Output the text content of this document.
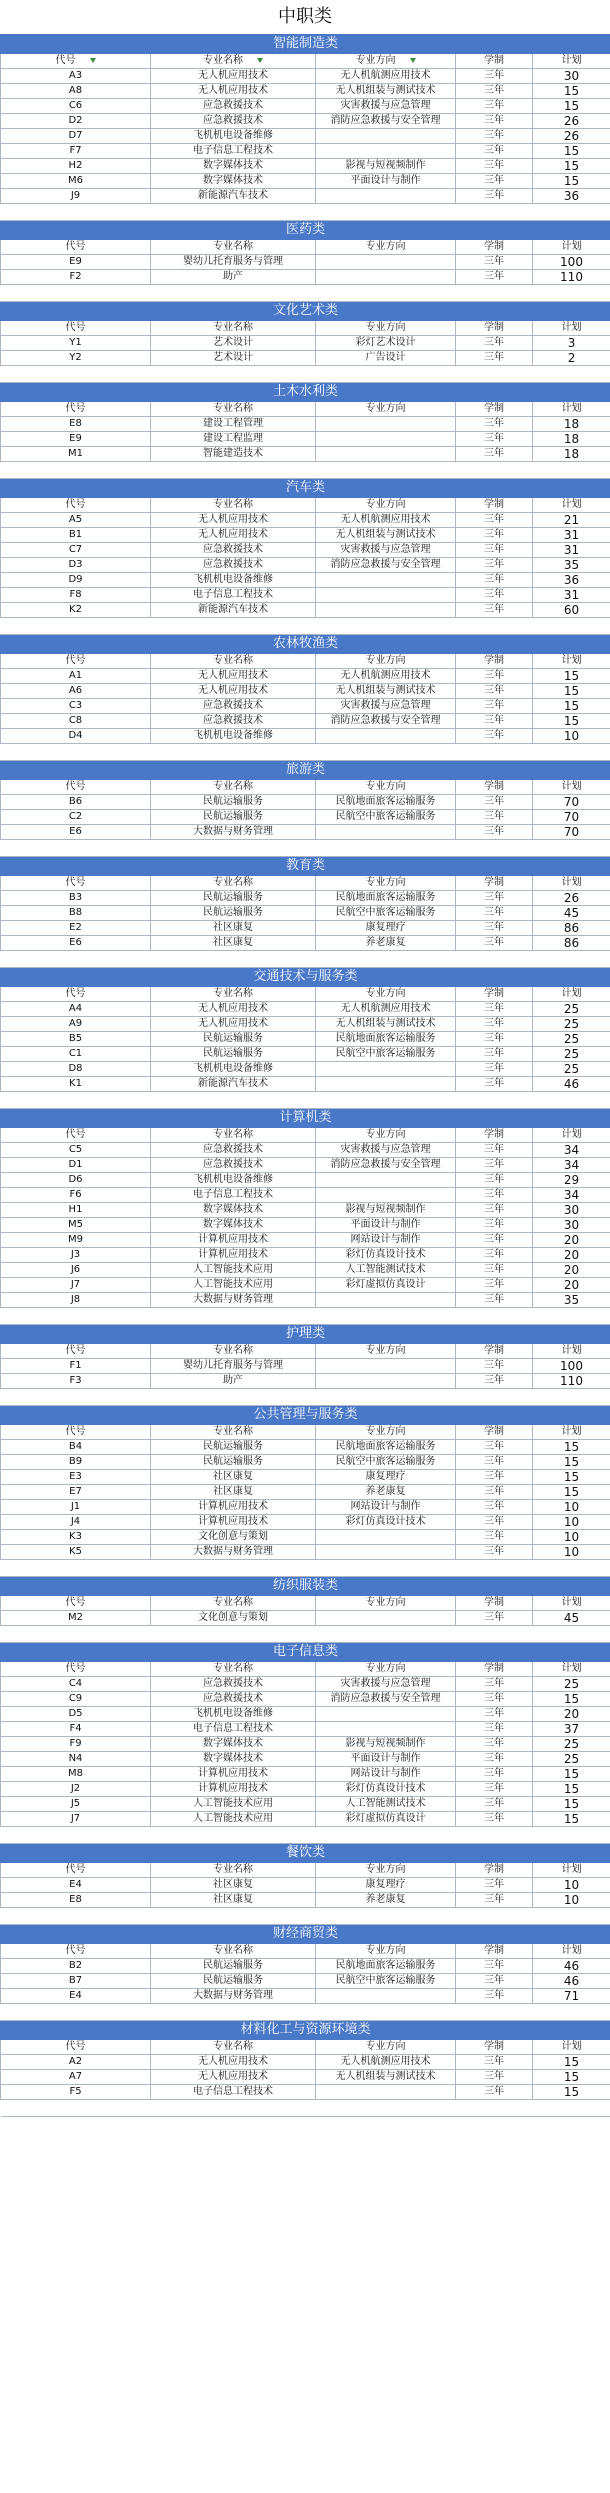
中职类
智能制造类				
代号	专业名称	专业方向	学制	计划
A3	无人机应用技术	无人机航测应用技术	三年	30
A8	无人机应用技术	无人机组装与测试技术	三年	15
C6	应急救援技术	灾害救援与应急管理	三年	15
D2	应急救援技术	消防应急救援与安全管理	三年	26
D7	飞机机电设备维修		三年	26
F7	电子信息工程技术		三年	15
H2	数字媒体技术	影视与短视频制作	三年	15
M6	数字媒体技术	平面设计与制作	三年	15
J9	新能源汽车技术		三年	36

医药类				
代号	专业名称	专业方向	学制	计划
E9	婴幼儿托育服务与管理		三年	100
F2	助产		三年	110

文化艺术类				
代号	专业名称	专业方向	学制	计划
Y1	艺术设计	彩灯艺术设计	三年	3
Y2	艺术设计	广告设计	三年	2

土木水利类				
代号	专业名称	专业方向	学制	计划
E8	建设工程管理		三年	18
E9	建设工程监理		三年	18
M1	智能建造技术		三年	18

汽车类				
代号	专业名称	专业方向	学制	计划
A5	无人机应用技术	无人机航测应用技术	三年	21
B1	无人机应用技术	无人机组装与测试技术	三年	31
C7	应急救援技术	灾害救援与应急管理	三年	31
D3	应急救援技术	消防应急救援与安全管理	三年	35
D9	飞机机电设备维修		三年	36
F8	电子信息工程技术		三年	31
K2	新能源汽车技术		三年	60

农林牧渔类				
代号	专业名称	专业方向	学制	计划
A1	无人机应用技术	无人机航测应用技术	三年	15
A6	无人机应用技术	无人机组装与测试技术	三年	15
C3	应急救援技术	灾害救援与应急管理	三年	15
C8	应急救援技术	消防应急救援与安全管理	三年	15
D4	飞机机电设备维修		三年	10

旅游类				
代号	专业名称	专业方向	学制	计划
B6	民航运输服务	民航地面旅客运输服务	三年	70
C2	民航运输服务	民航空中旅客运输服务	三年	70
E6	大数据与财务管理		三年	70

教育类				
代号	专业名称	专业方向	学制	计划
B3	民航运输服务	民航地面旅客运输服务	三年	26
B8	民航运输服务	民航空中旅客运输服务	三年	45
E2	社区康复	康复理疗	三年	86
E6	社区康复	养老康复	三年	86

交通技术与服务类				
代号	专业名称	专业方向	学制	计划
A4	无人机应用技术	无人机航测应用技术	三年	25
A9	无人机应用技术	无人机组装与测试技术	三年	25
B5	民航运输服务	民航地面旅客运输服务	三年	25
C1	民航运输服务	民航空中旅客运输服务	三年	25
D8	飞机机电设备维修		三年	25
K1	新能源汽车技术		三年	46

计算机类				
代号	专业名称	专业方向	学制	计划
C5	应急救援技术	灾害救援与应急管理	三年	34
D1	应急救援技术	消防应急救援与安全管理	三年	34
D6	飞机机电设备维修		三年	29
F6	电子信息工程技术		三年	34
H1	数字媒体技术	影视与短视频制作	三年	30
M5	数字媒体技术	平面设计与制作	三年	30
M9	计算机应用技术	网站设计与制作	三年	20
J3	计算机应用技术	彩灯仿真设计技术	三年	20
J6	人工智能技术应用	人工智能测试技术	三年	20
J7	人工智能技术应用	彩灯虚拟仿真设计	三年	20
J8	大数据与财务管理		三年	35

护理类				
代号	专业名称	专业方向	学制	计划
F1	婴幼儿托育服务与管理		三年	100
F3	助产		三年	110

公共管理与服务类				
代号	专业名称	专业方向	学制	计划
B4	民航运输服务	民航地面旅客运输服务	三年	15
B9	民航运输服务	民航空中旅客运输服务	三年	15
E3	社区康复	康复理疗	三年	15
E7	社区康复	养老康复	三年	15
J1	计算机应用技术	网站设计与制作	三年	10
J4	计算机应用技术	彩灯仿真设计技术	三年	10
K3	文化创意与策划		三年	10
K5	大数据与财务管理		三年	10

纺织服装类				
代号	专业名称	专业方向	学制	计划
M2	文化创意与策划		三年	45

电子信息类				
代号	专业名称	专业方向	学制	计划
C4	应急救援技术	灾害救援与应急管理	三年	25
C9	应急救援技术	消防应急救援与安全管理	三年	15
D5	飞机机电设备维修		三年	20
F4	电子信息工程技术		三年	37
F9	数字媒体技术	影视与短视频制作	三年	25
N4	数字媒体技术	平面设计与制作	三年	25
M8	计算机应用技术	网站设计与制作	三年	15
J2	计算机应用技术	彩灯仿真设计技术	三年	15
J5	人工智能技术应用	人工智能测试技术	三年	15
J7	人工智能技术应用	彩灯虚拟仿真设计	三年	15

餐饮类				
代号	专业名称	专业方向	学制	计划
E4	社区康复	康复理疗	三年	10
E8	社区康复	养老康复	三年	10

财经商贸类				
代号	专业名称	专业方向	学制	计划
B2	民航运输服务	民航地面旅客运输服务	三年	46
B7	民航运输服务	民航空中旅客运输服务	三年	46
E4	大数据与财务管理		三年	71

材料化工与资源环境类				
代号	专业名称	专业方向	学制	计划
A2	无人机应用技术	无人机航测应用技术	三年	15
A7	无人机应用技术	无人机组装与测试技术	三年	15
F5	电子信息工程技术		三年	15
